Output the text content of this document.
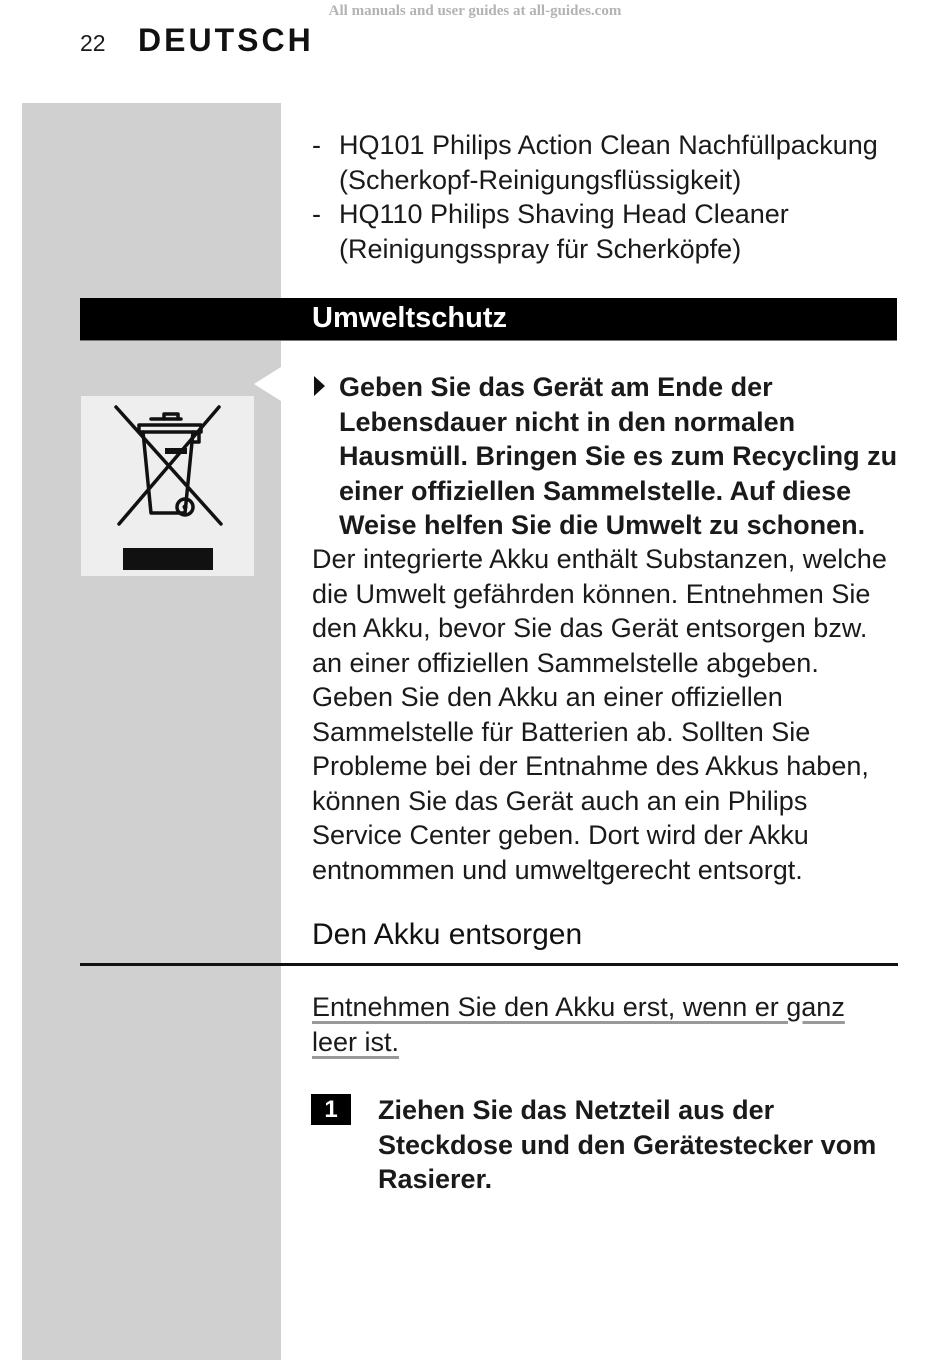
All manuals and user guides at all-guides.com
22 DEUTSCH
- HQ101 Philips Action Clean Nachfüllpackung (Scherkopf-Reinigungsflüssigkeit)
- HQ110 Philips Shaving Head Cleaner (Reinigungsspray für Scherköpfe)
Umweltschutz
Geben Sie das Gerät am Ende der Lebensdauer nicht in den normalen Hausmüll. Bringen Sie es zum Recycling zu einer offiziellen Sammelstelle. Auf diese Weise helfen Sie die Umwelt zu schonen.
Der integrierte Akku enthält Substanzen, welche die Umwelt gefährden können. Entnehmen Sie den Akku, bevor Sie das Gerät entsorgen bzw. an einer offiziellen Sammelstelle abgeben. Geben Sie den Akku an einer offiziellen Sammelstelle für Batterien ab. Sollten Sie Probleme bei der Entnahme des Akkus haben, können Sie das Gerät auch an ein Philips Service Center geben. Dort wird der Akku entnommen und umweltgerecht entsorgt.
Den Akku entsorgen
Entnehmen Sie den Akku erst, wenn er ganz leer ist.
1	Ziehen Sie das Netzteil aus der Steckdose und den Gerätestecker vom Rasierer.
